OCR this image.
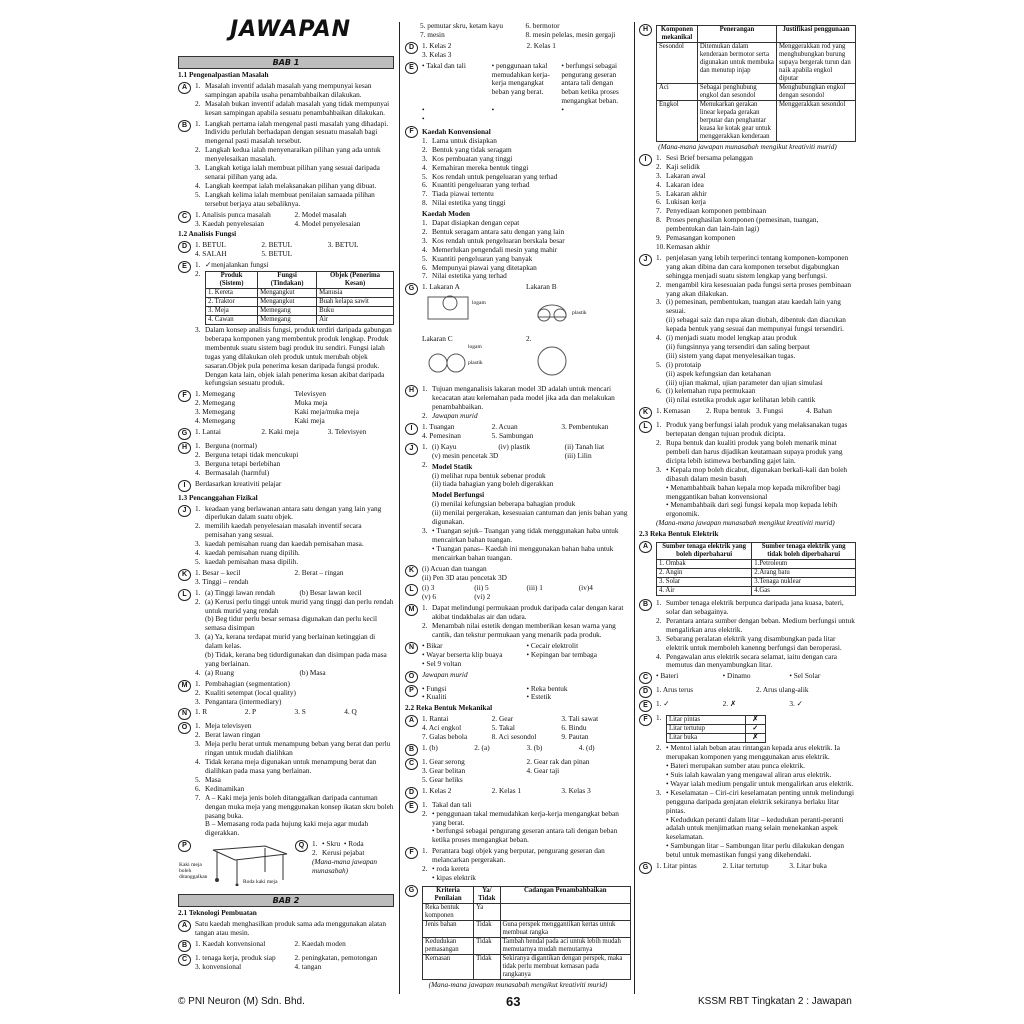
JAWAPAN
BAB 1
1.1 Pengenalpastian Masalah
A	1. Masalah inventif adalah masalah yang mempunyai kesan sampingan apabila usaha penambahbaikan dilakukan.
2. Masalah bukan inventif adalah masalah yang tidak mempunyai kesan sampingan apabila sesuatu penambahbaikan dilakukan.
B	1. Langkah pertama ialah mengenal pasti masalah yang dihadapi. Individu perlulah berhadapan dengan sesuatu masalah bagi mengenal pasti masalah tersebut.
2. Langkah kedua ialah menyenaraikan pilihan yang ada untuk menyelesaikan masalah.
3. Langkah ketiga ialah membuat pilihan yang sesuai daripada senarai pilihan yang ada.
4. Langkah keempat ialah melaksanakan pilihan yang dibuat.
5. Langkah kelima ialah membuat penilaian samaada pilihan tersebut berjaya atau sebaliknya.
C	1. Analisis punca masalah	2. Model masalah
3. Kaedah penyelesaian	4. Model penyelesaian
1.2 Analisis Fungsi
D	1. BETUL	2. BETUL	3. BETUL
4. SALAH	5. BETUL
E	1. ✓menjalankan fungsi
2.	Produk (Sistem)	Fungsi (Tindakan)	Objek (Penerima Kesan)
1. Kereta	Mengangkut	Manusia
2. Traktor	Mengangkut	Buah kelapa sawit
3. Meja	Memegang	Buku
4. Cawan	Memegang	Air
3. Dalam konsep analisis fungsi, produk terdiri daripada gabungan beberapa komponen yang membentuk produk lengkap. Produk membentuk suatu sistem bagi produk itu sendiri. Fungsi ialah tugas yang dilakukan oleh produk untuk merubah objek sasaran.Objek pula penerima kesan daripada fungsi produk. Dengan kata lain, objek ialah penerima kesan akibat daripada kefungsian sesuatu produk.
F	1. Memegang	Televisyen
2. Memegang	Muka meja
3. Memegang	Kaki meja/muka meja
4. Memegang	Kaki meja
G	1. Lantai	2. Kaki meja	3. Televisyen
H	1. Berguna (normal)
2. Berguna tetapi tidak mencukupi
3. Berguna tetapi berlebihan
4. Bermasalah (harmful)
I	Berdasarkan kreativiti pelajar
1.3 Pencanggahan Fizikal
J	1. keadaan yang berlawanan antara satu dengan yang lain yang diperlukan dalam suatu objek.
2. memilih kaedah penyelesaian masalah inventif secara pemisahan yang sesuai.
3. kaedah pemisahan ruang dan kaedah pemisahan masa.
4. kaedah pemisahan ruang dipilih.
5. kaedah pemisahan masa dipilih.
K	1. Besar – kecil	2. Berat – ringan
3. Tinggi – rendah
L	1. (a) Tinggi lawan rendah	(b) Besar lawan kecil
2. (a) Kerusi perlu tinggi untuk murid yang tinggi dan perlu rendah untuk murid yang rendah
(b) Beg tidur perlu besar semasa digunakan dan perlu kecil semasa disimpan
3. (a) Ya, kerana terdapat murid yang berlainan ketinggian di dalam kelas.
(b) Tidak, kerana beg tidurdigunakan dan disimpan pada masa yang berlainan.
4. (a) Ruang	(b) Masa
M	1. Pembahagian (segmentation)
2. Kualiti setempat (local quality)
3. Pengantara (intermediary)
N	1. R	2. P	3. S	4. Q
O	1. Meja televisyen
2. Berat lawan ringan
3. Meja perlu berat untuk menampung beban yang berat dan perlu ringan untuk mudah dialihkan
4. Tidak kerana meja digunakan untuk menampung berat dan dialihkan pada masa yang berlainan.
5. Masa
6. Kedinamikan
7. A – Kaki meja jenis boleh ditanggalkan daripada cantuman dengan muka meja yang menggunakan konsep ikatan skru boleh pasang buka.
B – Memasang roda pada hujung kaki meja agar mudah digerakkan.
P
Kaki meja boleh ditanggalkan
Roda kaki meja
Q	1.	• Skru • Roda
2. Kerusi pejabat
(Mana-mana jawapan munasabah)
BAB 2
2.1 Teknologi Pembuatan
A	Satu kaedah menghasilkan produk sama ada menggunakan alatan tangan atau mesin.
B	1. Kaedah konvensional	2. Kaedah moden
C	1. tenaga kerja, produk siap	2. peningkatan, pemotongan
3. konvensional	4. tangan
5. pemutar skru, ketam kayu	6. bermotor
7. mesin	8. mesin pelelas, mesin gergaji
D	1. Kelas 2	2. Kelas 1
3. Kelas 3
E	• Takal dan tali	• penggunaan takal memudahkan kerja-kerja mengangkat beban yang berat.
• berfungsi sebagai pengurang geseran antara tali dengan beban ketika proses mengangkat beban.
•
•
•
•
F	Kaedah Konvensional
1. Lama untuk disiapkan
2. Bentuk yang tidak seragam
3. Kos pembuatan yang tinggi
4. Kemahiran mereka bentuk tinggi
5. Kos rendah untuk pengeluaran yang terhad
6. Kuantiti pengeluaran yang terhad
7. Tiada piawai tertentu
8. Nilai estetika yang tinggi
Kaedah Moden
1. Dapat disiapkan dengan cepat
2. Bentuk seragam antara satu dengan yang lain
3. Kos rendah untuk pengeluaran berskala besar
4. Memerlukan pengendali mesin yang mahir
5. Kuantiti pengeluaran yang banyak
6. Mempunyai piawai yang ditetapkan
7. Nilai estetika yang terhad
G	1. Lakaran A	Lakaran B
logam
plastik
Lakaran C	2.
logam
plastik
H	1. Tujuan menganalisis lakaran model 3D adalah untuk mencari kecacatan atau kelemahan pada model jika ada dan melakukan penambahbaikan.
2. Jawapan murid
I	1. Tuangan	2. Acuan	3. Pembentukan
4. Pemesinan	5. Sambungan
J	1. (i) Kayu	(iv) plastik	(ii) Tanah liat
(v) mesin pencetak 3D	(iii) Lilin
2. Model Statik
(i) melihat rupa bentuk sebenar produk
(ii) tiada bahagian yang boleh digerakkan
Model Berfungsi
(i) menilai kefungsian beberapa bahagian produk
(ii) menilai pergerakan, kesesuaian cantuman dan jenis bahan yang digunakan.
3.	• Tuangan sejuk– Tuangan yang tidak menggunakan haba untuk mencairkan bahan tuangan.
• Tuangan panas– Kaedah ini menggunakan bahan haba untuk mencairkan bahan tuangan.
K	(i) Acuan dan tuangan
(ii) Pen 3D atau pencetak 3D
L	(i) 3	(ii) 5	(iii) 1	(iv)4
(v) 6	(vi) 2
M	1. Dapat melindungi permukaan produk daripada calar dengan karat akibat tindakbalas air dan udara.
2. Menambah nilai estetik dengan memberikan kesan warna yang cantik, dan tekstur permukaan yang menarik pada produk.
N	• Bikar	• Cecair elektrolit
• Wayar berserta klip buaya	• Kepingan bar tembaga
• Sel 9 voltan
O	Jawapan murid
P	• Fungsi	• Reka bentuk
• Kualiti	• Estetik
2.2 Reka Bentuk Mekanikal
A	1. Rantai	2. Gear	3. Tali sawat
4. Aci engkol	5. Takal	6. Bindu
7. Galas bebola	8. Aci sesondol	9. Pautan
B	1. (b)	2. (a)	3. (b)	4. (d)
C	1. Gear serong	2. Gear rak dan pinan
3. Gear belitan	4. Gear taji
5. Gear heliks
D	1. Kelas 2	2. Kelas 1	3. Kelas 3
E	1. Takal dan tali
2.	• penggunaan takal memudahkan kerja-kerja mengangkat beban yang berat.
• berfungsi sebagai pengurang geseran antara tali dengan beban ketika proses mengangkat beban.
F	1. Perantara bagi objek yang berputar, pengurang geseran dan melancarkan pergerakan.
2.	• roda kereta
• kipas elektrik
G	Kriteria Penilaian	Ya/ Tidak	Cadangan Penambahbaikan
Reka bentuk komponen	Ya	
Jenis bahan	Tidak	Guna perspek menggantikan kertas untuk membuat rangka
Kedudukan pemasangan	Tidak	Tambah hendal pada aci untuk lebih mudah memutarnya mudah memutarnya
Kemasan	Tidak	Sekiranya digantikan dengan perspek, maka tidak perlu membuat kemasan pada rangkanya
(Mana-mana jawapan munasabah mengikut kreativiti murid)
H	Komponen mekanikal	Penerangan	Justifikasi penggunaan
Sesondol	Ditemukan dalam kenderaan bermotor serta digunakan untuk membuka dan menutup injap	Menggerakkan rod yang menghubungkan burung supaya bergerak turun dan naik apabila engkol diputar
Aci	Sebagai penghubung engkol dan sesondol	Menghubungkan engkol dengan sesondol
Engkol	Menukarkan gerakan linear kepada gerakan berputar dan penghantar kuasa ke kotak gear untuk menggerakkan kenderaan	Menggerakkan sesondol
(Mana-mana jawapan munasabah mengikut kreativiti murid)
I	1. Sesi Brief bersama pelanggan
2. Kaji selidik
3. Lakaran awal
4. Lakaran idea
5. Lakaran akhir
6. Lukisan kerja
7. Penyediaan komponen pembinaan
8. Proses penghasilan komponen (pemesinan, tuangan, pembentukan dan lain-lain lagi)
9. Pemasangan komponen
10. Kemasan akhir
J	1. penjelasan yang lebih terperinci tentang komponen-komponen yang akan dibina dan cara komponen tersebut digabungkan sehingga menjadi suatu sistem lengkap yang berfungsi.
2. mengambil kira kesesuaian pada fungsi serta proses pembinaan yang akan dilakukan.
3. (i) pemesinan, pembentukan, tuangan atau kaedah lain yang sesuai.
(ii) sebagai saiz dan rupa akan diubah, dibentuk dan diacukan kepada bentuk yang sesuai dan mempunyai fungsi tersendiri.
4. (i) menjadi suatu model lengkap atau produk
(ii) fungsinnya yang tersendiri dan saling berpaut
(iii) sistem yang dapat menyelesaikan tugas.
5. (i) prototaip
(ii) aspek kefungsian dan ketahanan
(iii) ujian makmal, ujian parameter dan ujian simulasi
6. (i) kelemahan rupa permukaan
(ii) nilai estetika produk agar kelihatan lebih cantik
K	1. Kemasan	2. Rupa bentuk 3. Fungsi	4. Bahan
L	1. Produk yang berfungsi ialah produk yang melaksanakan tugas bertepatan dengan tujuan produk dicipta.
2. Rupa bentuk dan kualiti produk yang boleh menarik minat pembeli dan harus dijadikan keutamaan supaya produk yang dicipta lebih istimewa berbanding gajet lain.
3.	• Kepala mop boleh dicabut, digunakan berkali-kali dan boleh dibasuh dalam mesin basuh
• Menambahbaik bahan kepala mop kepada mikrofiber bagi menggantikan bahan konvensional
• Menambahbaik dari segi fungsi kepala mop kepada lebih ergonomik.
(Mana-mana jawapan munasabah mengikut kreativiti murid)
2.3 Reka Bentuk Elektrik
A	Sumber tenaga elektrik yang boleh diperbaharui	Sumber tenaga elektrik yang tidak boleh diperbaharui
1. Ombak	1.Petroleum
2. Angin	2.Arang batu
3. Solar	3.Tenaga nuklear
4. Air	4.Gas
B	1. Sumber tenaga elektrik berpunca daripada jana kuasa, bateri, solar dan sebagainya.
2. Perantara antara sumber dengan beban. Medium berfungsi untuk mengalirkan arus elektrik.
3. Sebarang peralatan elektrik yang disambungkan pada litar elektrik untuk memboleh kanenng berfungsi dan beroperasi.
4. Pengawalan arus elektrik secara selamat, iaitu dengan cara memutus dan menyambungkan litar.
C	• Bateri	• Dinamo	• Sel Solar
D	1. Arus terus	2. Arus ulang-alik
E	1. ✓	2. ✗	3. ✓
F	1.	Litar pintas	✗
Litar tertutup	✓
Litar buka	✗
2.	• Mentol ialah beban atau rintangan kepada arus elektrik. Ia merupakan komponen yang menggunakan arus elektrik.
• Bateri merupakan sumber atau punca elektrik.
• Suis ialah kawalan yang mengawal aliran arus elektrik.
• Wayar ialah medium pengalir untuk mengalirkan arus elektrik.
3.	• Keselamatan – Ciri-ciri keselamatan penting untuk melindungi pengguna daripada genjatan elektrik sekiranya berlaku litar pintas.
• Kedudukan peranti dalam litar – kedudukan peranti-peranti adalah untuk menjimatkan ruang selain menekankan aspek keselamatan.
• Sambungan litar – Sambungan litar perlu dilakukan dengan betul untuk memastikan fungsi yang dikehendaki.
G	1. Litar pintas	2. Litar tertutup	3. Litar buka
© PNI Neuron (M) Sdn. Bhd.	63	KSSM RBT Tingkatan 2 : Jawapan
